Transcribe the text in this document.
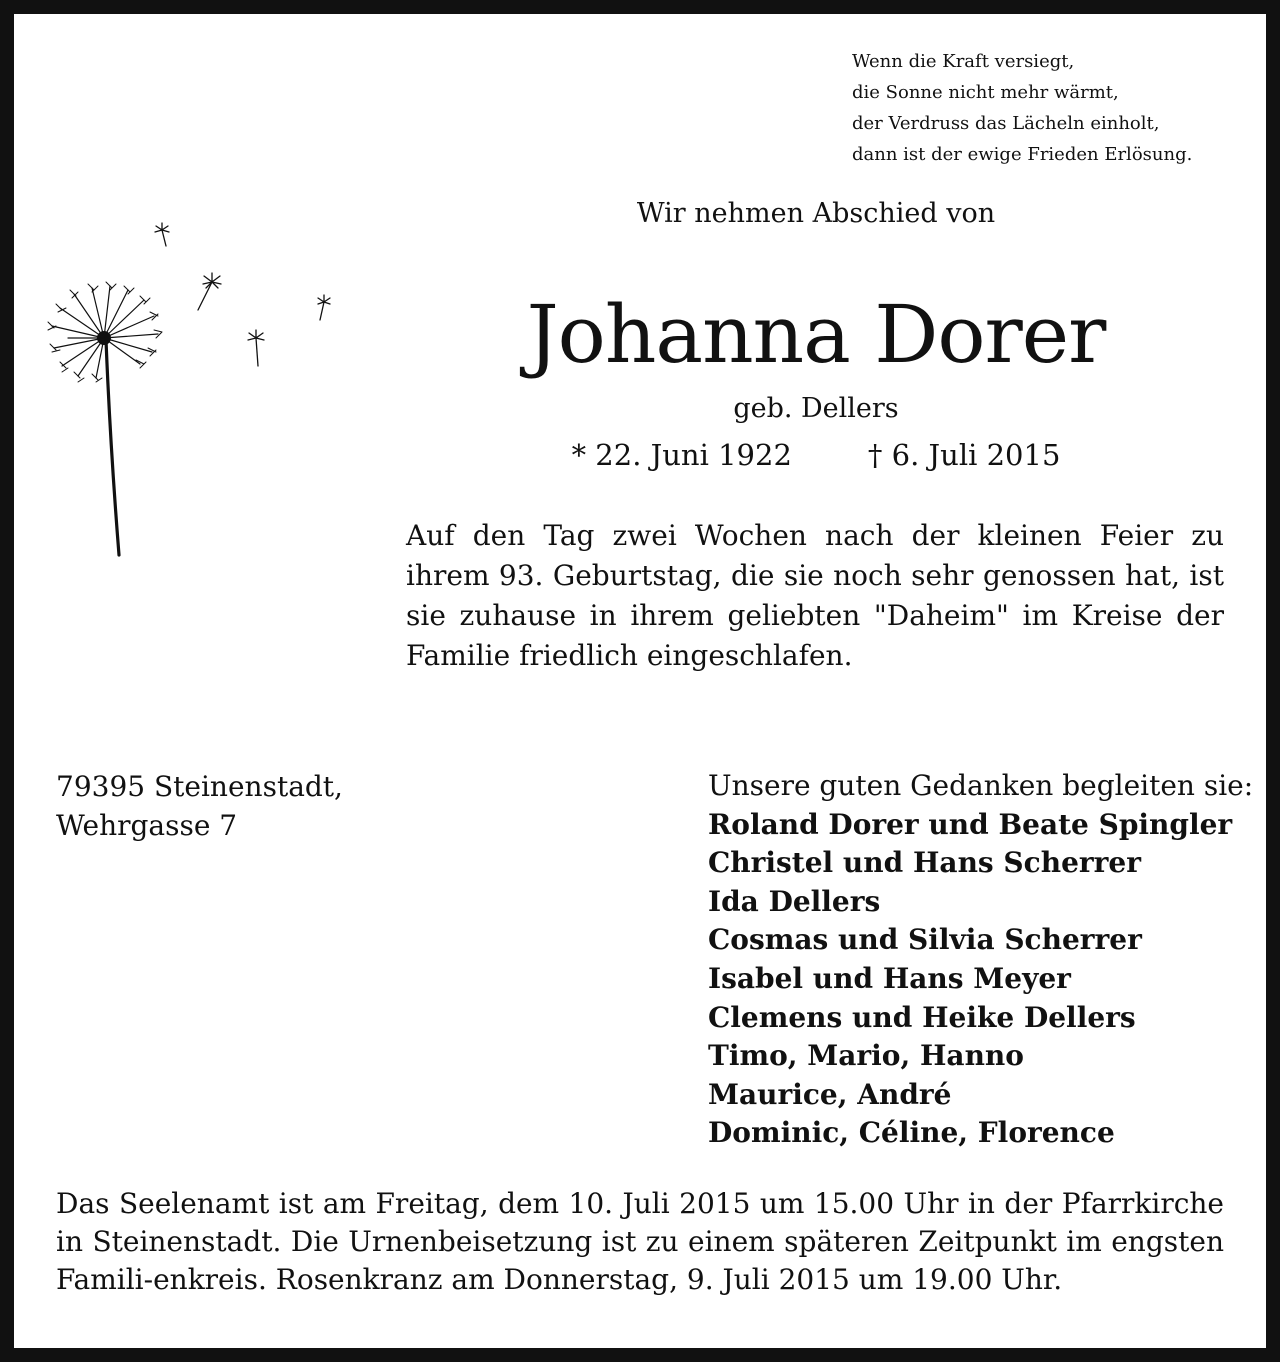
Wenn die Kraft versiegt,
die Sonne nicht mehr wärmt,
der Verdruss das Lächeln einholt,
dann ist der ewige Frieden Erlösung.
Wir nehmen Abschied von
Johanna Dorer
geb. Dellers
* 22. Juni 1922	† 6. Juli 2015
Auf den Tag zwei Wochen nach der kleinen Feier zu ihrem 93. Geburtstag, die sie noch sehr genossen hat, ist sie zuhause in ihrem geliebten "Daheim" im Kreise der Familie friedlich eingeschlafen.
79395 Steinenstadt,
Wehrgasse 7
Unsere guten Gedanken begleiten sie:
Roland Dorer und Beate Spingler
Christel und Hans Scherrer
Ida Dellers
Cosmas und Silvia Scherrer
Isabel und Hans Meyer
Clemens und Heike Dellers
Timo, Mario, Hanno
Maurice, André
Dominic, Céline, Florence
Das Seelenamt ist am Freitag, dem 10. Juli 2015 um 15.00 Uhr in der Pfarrkirche in Steinenstadt. Die Urnenbeisetzung ist zu einem späteren Zeitpunkt im engsten Famili-enkreis. Rosenkranz am Donnerstag, 9. Juli 2015 um 19.00 Uhr.
